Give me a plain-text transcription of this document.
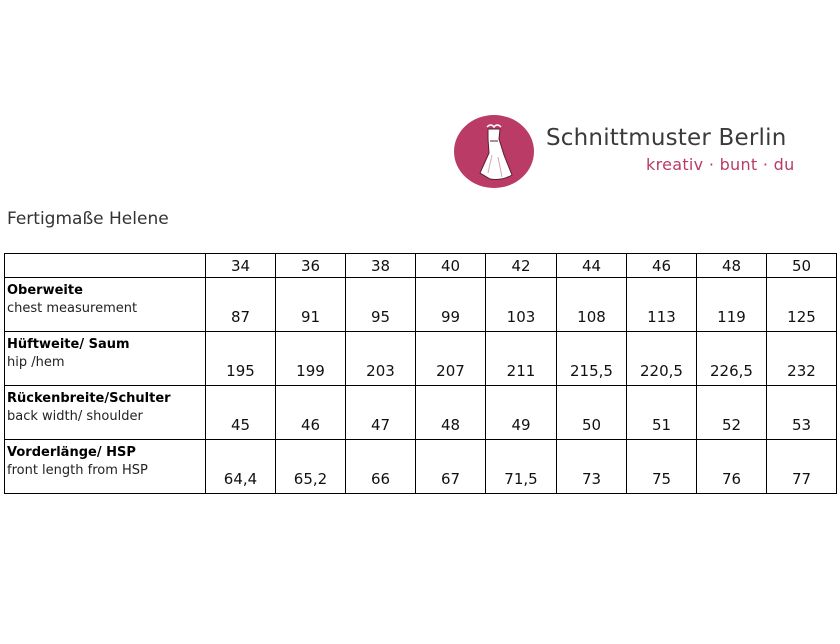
Schnittmuster Berlin
kreativ · bunt · du
Fertigmaße Helene
	34	36	38	40	42	44	46	48	50

Oberweite
chest measurement	87	91	95	99	103	108	113	119	125

Hüftweite/ Saum
hip /hem	195	199	203	207	211	215,5	220,5	226,5	232

Rückenbreite/Schulter
back width/ shoulder	45	46	47	48	49	50	51	52	53

Vorderlänge/ HSP
front length from HSP	64,4	65,2	66	67	71,5	73	75	76	77
